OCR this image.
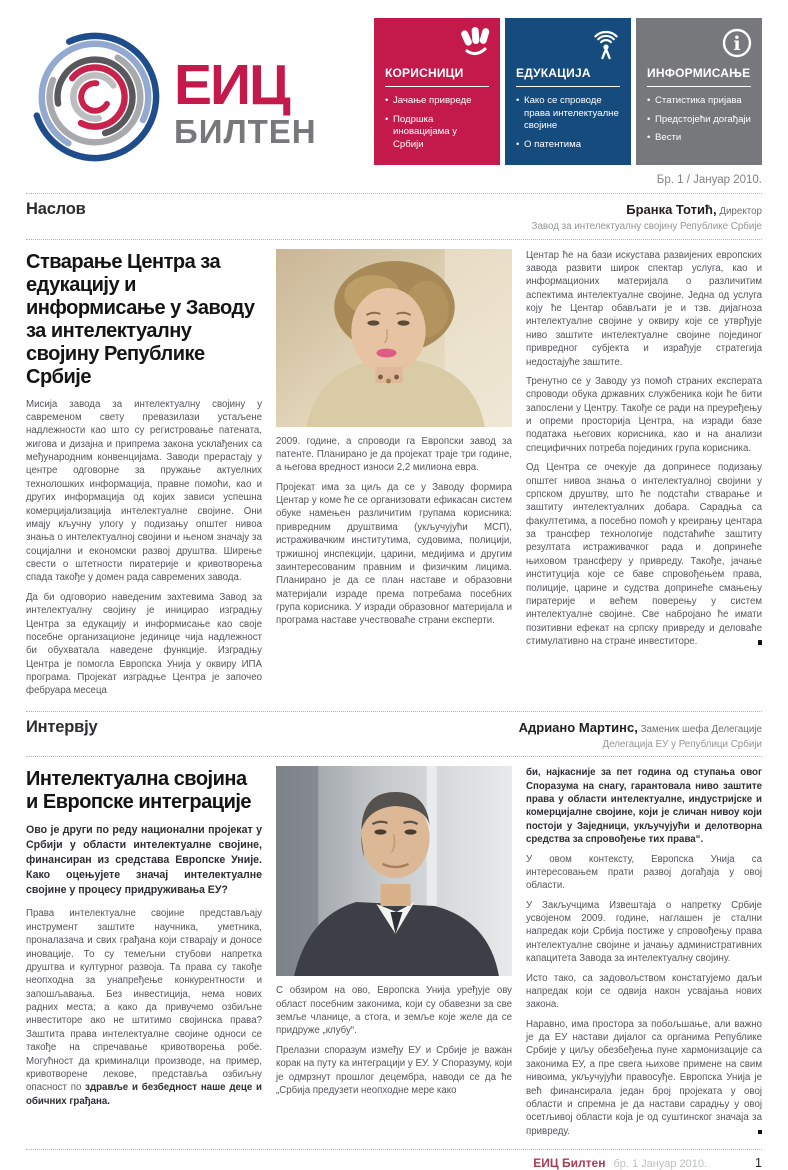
ЕИЦ
БИЛТЕН
КОРИСНИЦИ
• Јачање привреде
• Подршка иновацијама у Србији
ЕДУКАЦИЈА
• Како се спроводе права интелектуалне својине
• О патентима
i
ИНФОРМИСАЊЕ
• Статистика пријава
• Предстојећи догађаји
• Вести
Бр. 1 / Јануар 2010.
Наслов	Бранка Тотић, Директор
Завод за интелектуалну својину Републике Србије
Стварање Центра за едукацију и информисање у Заводу за интелектуалну својину Републике Србије

Мисија завода за интелектуалну својину у савременом свету превазилази устаљене надлежности као што су регистровање патената, жигова и дизајна и припрема закона усклађених са међународним конвенцијама. Заводи прерастају у центре одговорне за пружање актуелних технолошких информација, правне помоћи, као и других информација од којих зависи успешна комерцијализација интелектуалне својине. Они имају кључну улогу у подизању општег нивоа знања о интелектуалној својини и њеном значају за социјални и економски развој друштва. Ширење свести о штетности пиратерије и кривотворења спада такође у домен рада савремених завода.

Да би одговорио наведеним захтевима Завод за интелектуалну својину је иницирао изградњу Центра за едукацију и информисање као своје посебне организационе јединице чија надлежност би обухватала наведене функције. Изградњу Центра је помогла Европска Унија у оквиру ИПА програма. Пројекат изградње Центра је започео фебруара месеца

2009. године, а спроводи га Европски завод за патенте. Планирано је да пројекат траје три године, а његова вредност износи 2,2 милиона евра.

Пројекат има за циљ да се у Заводу формира Центар у коме ће се организовати ефикасан систем обуке намењен различитим групама корисника: привредним друштвима (укључујући МСП), истраживачким институтима, судовима, полицији, тржишној инспекцији, царини, медијима и другим заинтересованим правним и физичким лицима. Планирано је да се план наставе и образовни материјали израде према потребама посебних група корисника. У изради образовног материјала и програма наставе учествоваће страни експерти.

Центар ће на бази искустава развијених европских завода развити широк спектар услуга, као и информационих материјала о различитим аспектима интелектуалне својине. Једна од услуга коју ће Центар обављати је и тзв. дијагноза интелектуалне својине у оквиру које се утврђује ниво заштите интелектуалне својине појединог привредног субјекта и израђује стратегија недостајуће заштите.

Тренутно се у Заводу уз помоћ страних експерата спроводи обука државних службеника који ће бити запослени у Центру. Такође се ради на преуређењу и опреми просторија Центра, на изради базе података његових корисника, као и на анализи специфичних потреба појединих група корисника.

Од Центра се очекује да допринесе подизању општег нивоа знања о интелектуалној својини у српском друштву, што ће подстаћи стварање и заштиту интелектуалних добара. Сарадња са факултетима, а посебно помоћ у креирању центара за трансфер технологије подстаћиће заштиту резултата истраживачког рада и допринеће њиховом трансферу у привреду. Такође, јачање институција које се баве спровођењем права, полиције, царине и судства допринеће смањењу пиратерије и већем поверењу у систем интелектуалне својине. Све набројано ће имати позитивни ефекат на српску привреду и деловаће стимулативно на стране инвеститоре.

Интервју	Адриано Мартинс, Заменик шефа Делегације
Делегација ЕУ у Републици Србији
Интелектуална својина и Европске интеграције

Ово је други по реду национални пројекат у Србији у области интелектуалне својине, финансиран из средстава Европске Уније. Како оцењујете значај интелектуалне својине у процесу придруживања ЕУ?

Права интелектуалне својине представљају инструмент заштите научника, уметника, проналазача и свих грађана који стварају и доносе иновације. То су темељни стубови напретка друштва и културног развоја. Та права су такође неопходна за унапређење конкурентности и запошљавања. Без инвестиција, нема нових радних места; а како да привучемо озбиљне инвеститоре ако не штитимо својинска права? Заштита права интелектуалне својине односи се такође на спречавање кривотворења робе. Могућност да криминалци производе, на пример, кривотворене лекове, представља озбиљну опасност по здравље и безбедност наше деце и обичних грађана.

С обзиром на ово, Европска Унија уређује ову област посебним законима, који су обавезни за све земље чланице, а стога, и земље које желе да се придруже „клубу“.

Прелазни споразум између ЕУ и Србије је важан корак на путу ка интеграцији у ЕУ. У Споразуму, који је одмрзнут прошлог децембра, наводи се да ће „Србија предузети неопходне мере како

би, најкасније за пет година од ступања овог Споразума на снагу, гарантовала ниво заштите права у области интелектуалне, индустријске и комерцијалне својине, који је сличан нивоу који постоји у Заједници, укључујући и делотворна средства за спровођење тих права“.

У овом контексту, Европска Унија са интересовањем прати развој догађаја у овој области.

У Закључцима Извештаја о напретку Србије усвојеном 2009. године, наглашен је стални напредак који Србија постиже у спровођењу права интелектуалне својине и јачању административних капацитета Завода за интелектуалну својину.

Исто тако, са задовољством констатујемо даљи напредак који се одвија након усвајања нових закона.

Наравно, има простора за побољшање, али важно је да ЕУ настави дијалог са органима Републике Србије у циљу обезбеђења пуне хармонизације са законима ЕУ, а пре свега њихове примене на свим нивоима, укључујући правосуђе. Европска Унија је већ финансирала један број пројеката у овој области и спремна је да настави сарадњу у овој осетљивој области која је од суштинског значаја за привреду.

ЕИЦ Билтен бр. 1 Јануар 2010.	1
